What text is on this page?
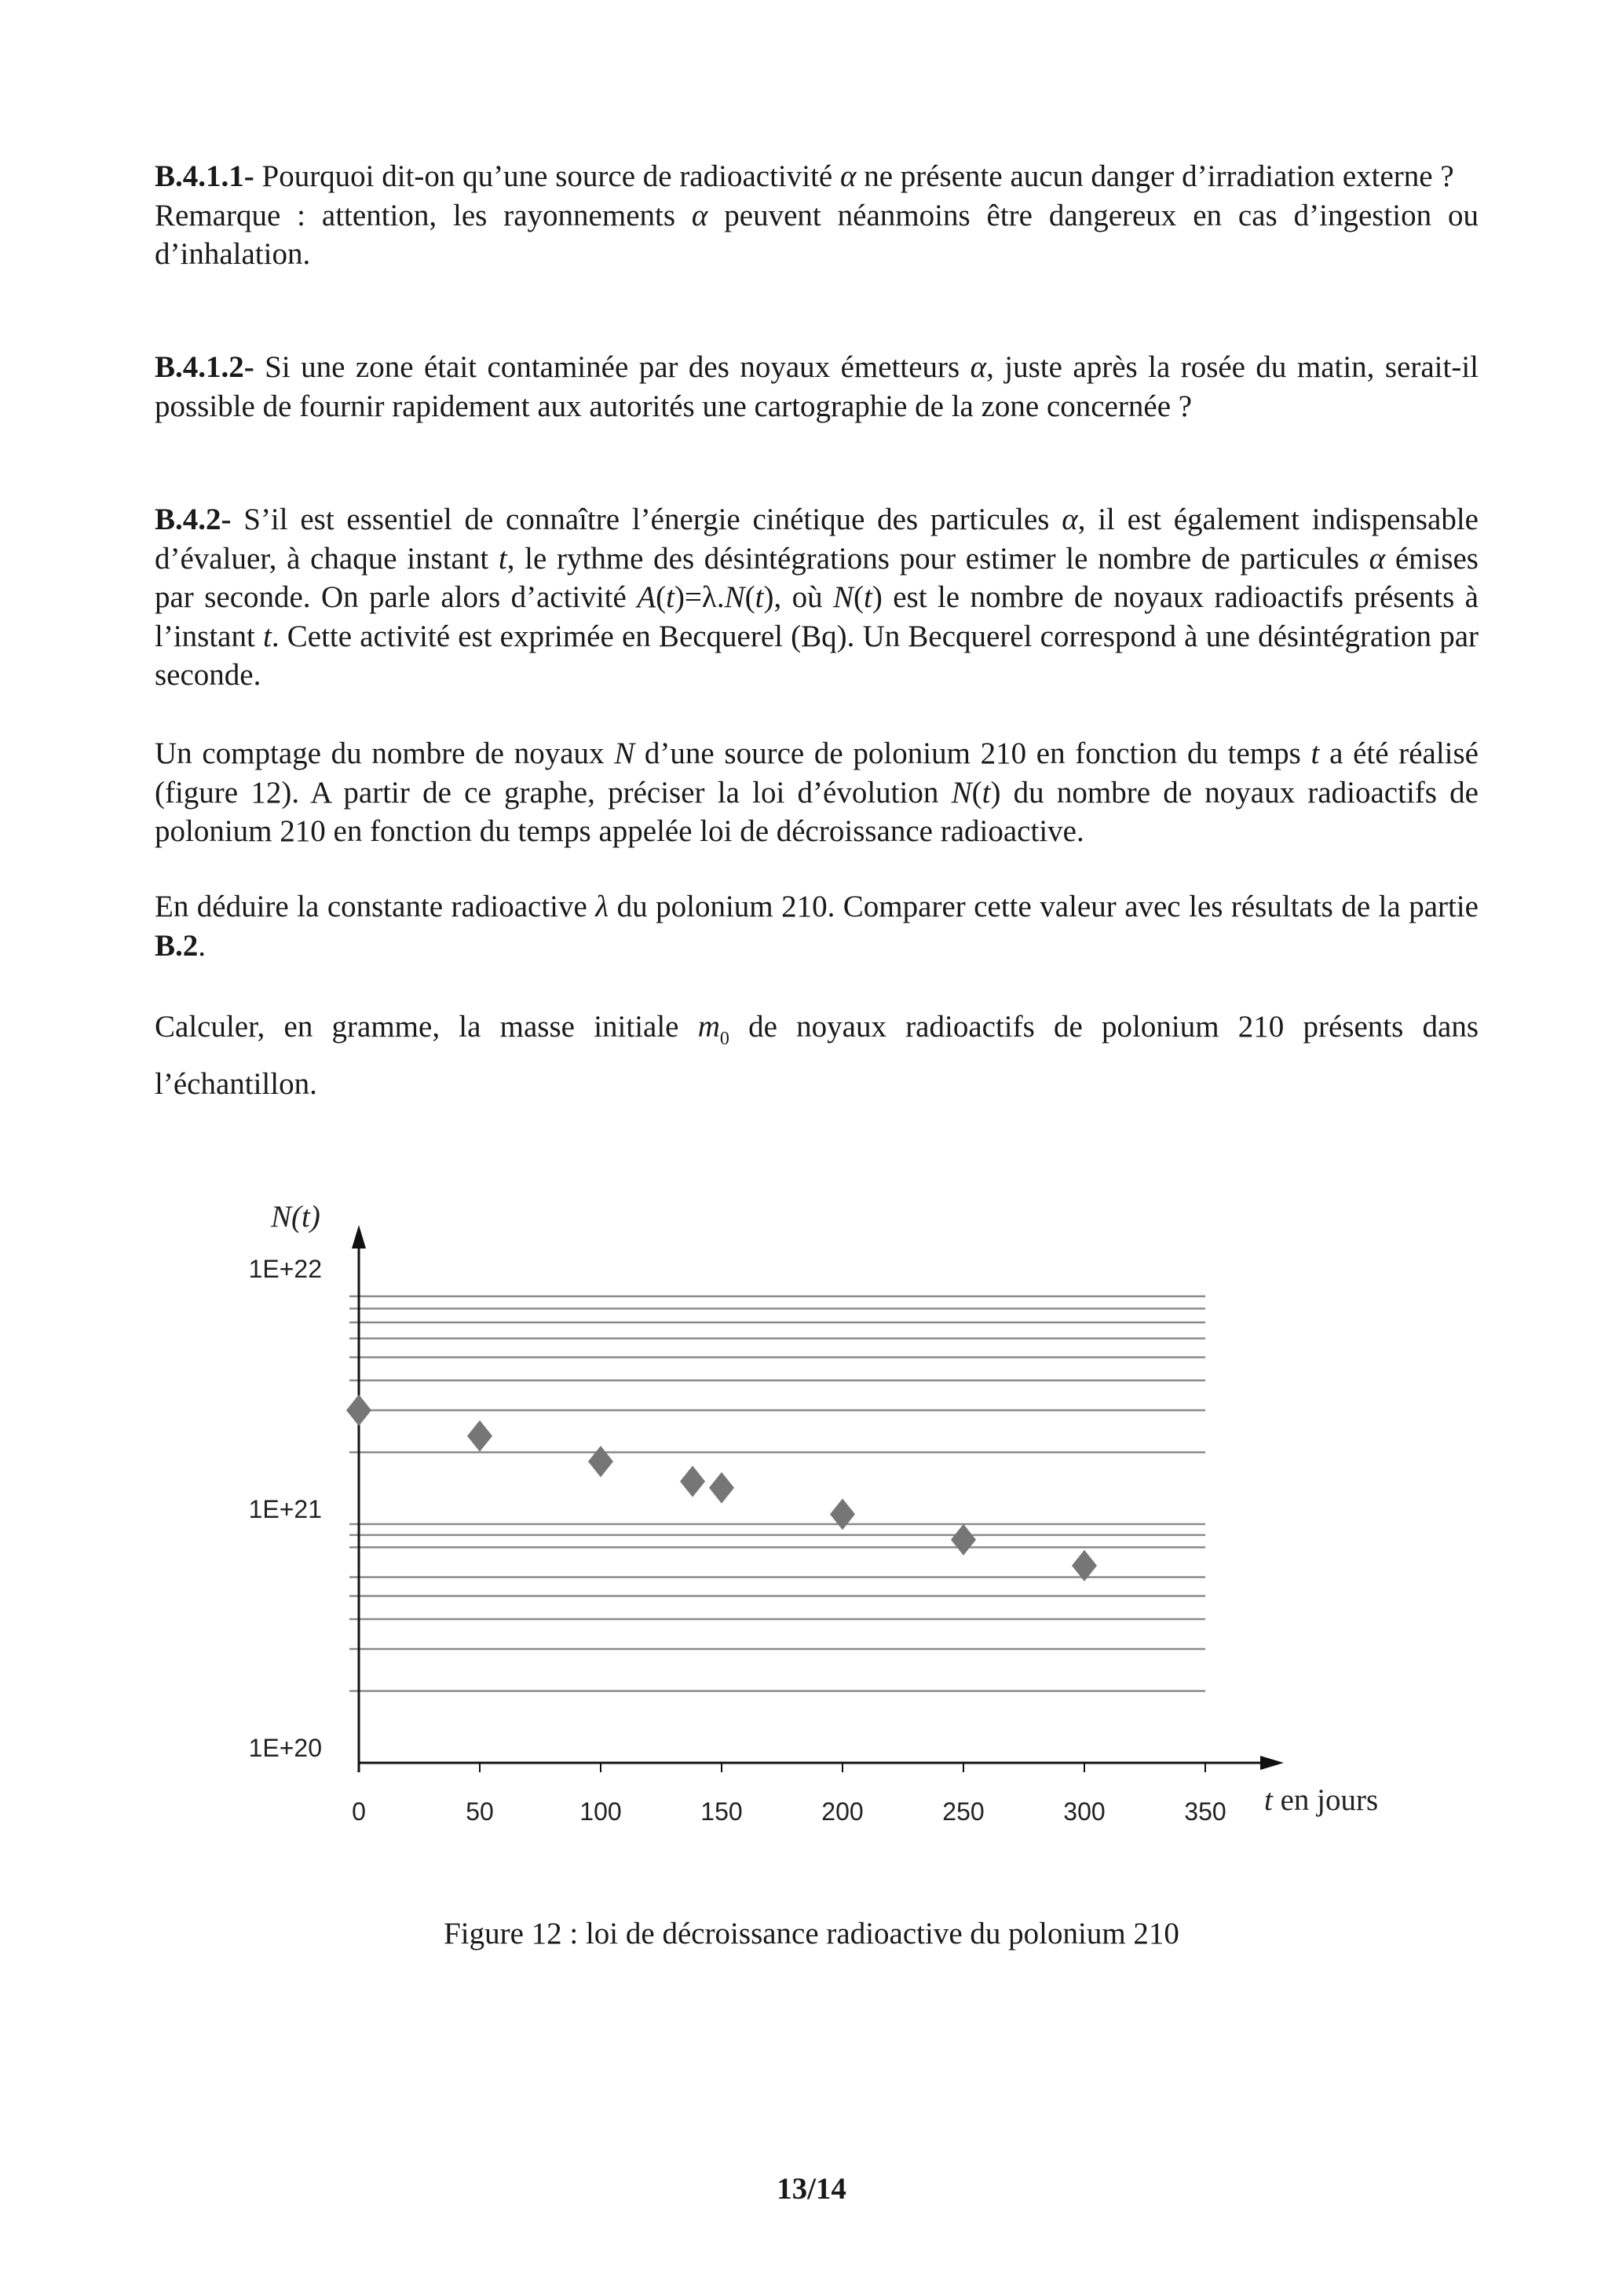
B.4.1.1- Pourquoi dit-on qu’une source de radioactivité α ne présente aucun danger d’irradiation externe ?
Remarque : attention, les rayonnements α peuvent néanmoins être dangereux en cas d’ingestion ou d’inhalation.
B.4.1.2- Si une zone était contaminée par des noyaux émetteurs α, juste après la rosée du matin, serait-il possible de fournir rapidement aux autorités une cartographie de la zone concernée ?
B.4.2- S’il est essentiel de connaître l’énergie cinétique des particules α, il est également indispensable d’évaluer, à chaque instant t, le rythme des désintégrations pour estimer le nombre de particules α émises par seconde. On parle alors d’activité A(t)=λ.N(t), où N(t) est le nombre de noyaux radioactifs présents à l’instant t. Cette activité est exprimée en Becquerel (Bq). Un Becquerel correspond à une désintégration par seconde.
Un comptage du nombre de noyaux N d’une source de polonium 210 en fonction du temps t a été réalisé (figure 12). A partir de ce graphe, préciser la loi d’évolution N(t) du nombre de noyaux radioactifs de polonium 210 en fonction du temps appelée loi de décroissance radioactive.
En déduire la constante radioactive λ du polonium 210. Comparer cette valeur avec les résultats de la partie B.2.
Calculer, en gramme, la masse initiale $m_0$ de noyaux radioactifs de polonium 210 présents dans l’échantillon.
0	50	100	150	200	250	300	350
1E+20
1E+21
1E+22
N(t)
t en jours
Figure 12 : loi de décroissance radioactive du polonium 210
13/14
